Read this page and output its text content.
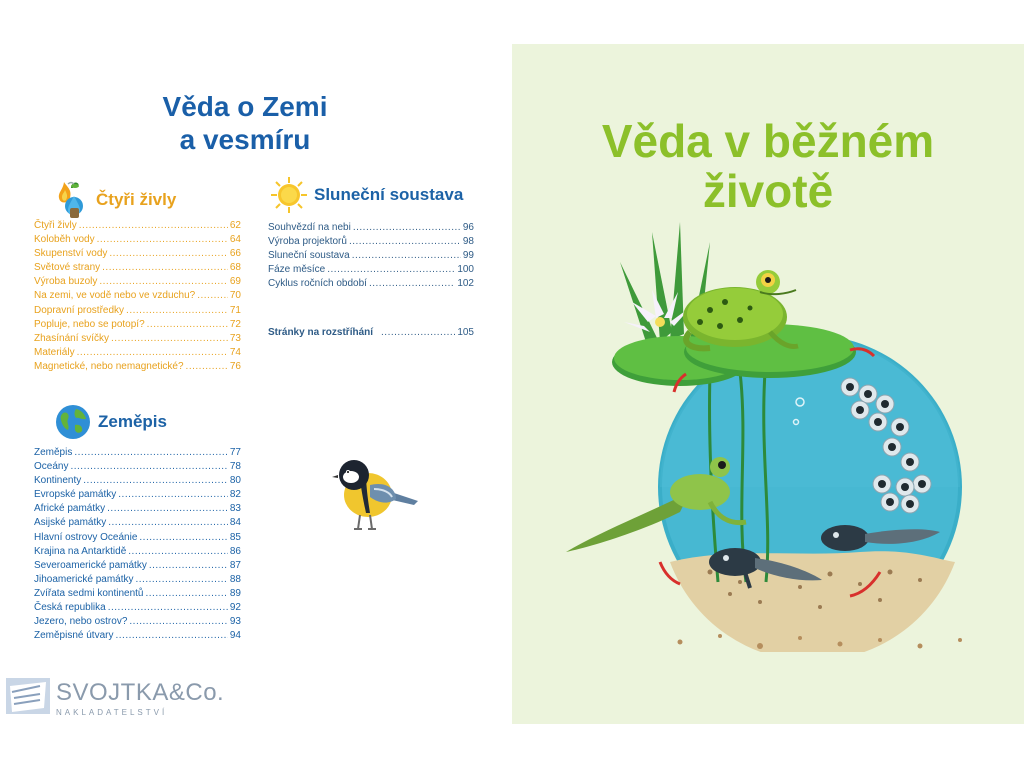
Věda o Zemi
a vesmíru
Čtyři živly
Čtyři živly .....	62
Koloběh vody .....	64
Skupenství vody .....	66
Světové strany .....	68
Výroba buzoly .....	69
Na zemi, ve vodě nebo ve vzduchu? .....	70
Dopravní prostředky .....	71
Popluje, nebo se potopí? .....	72
Zhasínání svíčky .....	73
Materiály .....	74
Magnetické, nebo nemagnetické? .....	76
Zeměpis
Zeměpis .....	77
Oceány .....	78
Kontinenty .....	80
Evropské památky .....	82
Africké památky .....	83
Asijské památky .....	84
Hlavní ostrovy Oceánie .....	85
Krajina na Antarktidě .....	86
Severoamerické památky .....	87
Jihoamerické památky .....	88
Zvířata sedmi kontinentů .....	89
Česká republika .....	92
Jezero, nebo ostrov? .....	93
Zeměpisné útvary .....	94
Sluneční soustava
Souhvězdí na nebi .....	96
Výroba projektorů .....	98
Sluneční soustava .....	99
Fáze měsíce .....	100
Cyklus ročních období .....	102
Stránky na rozstříhání .....	105
SVOJTKA&Co.
NAKLADATELSTVÍ
Věda v běžném
životě
